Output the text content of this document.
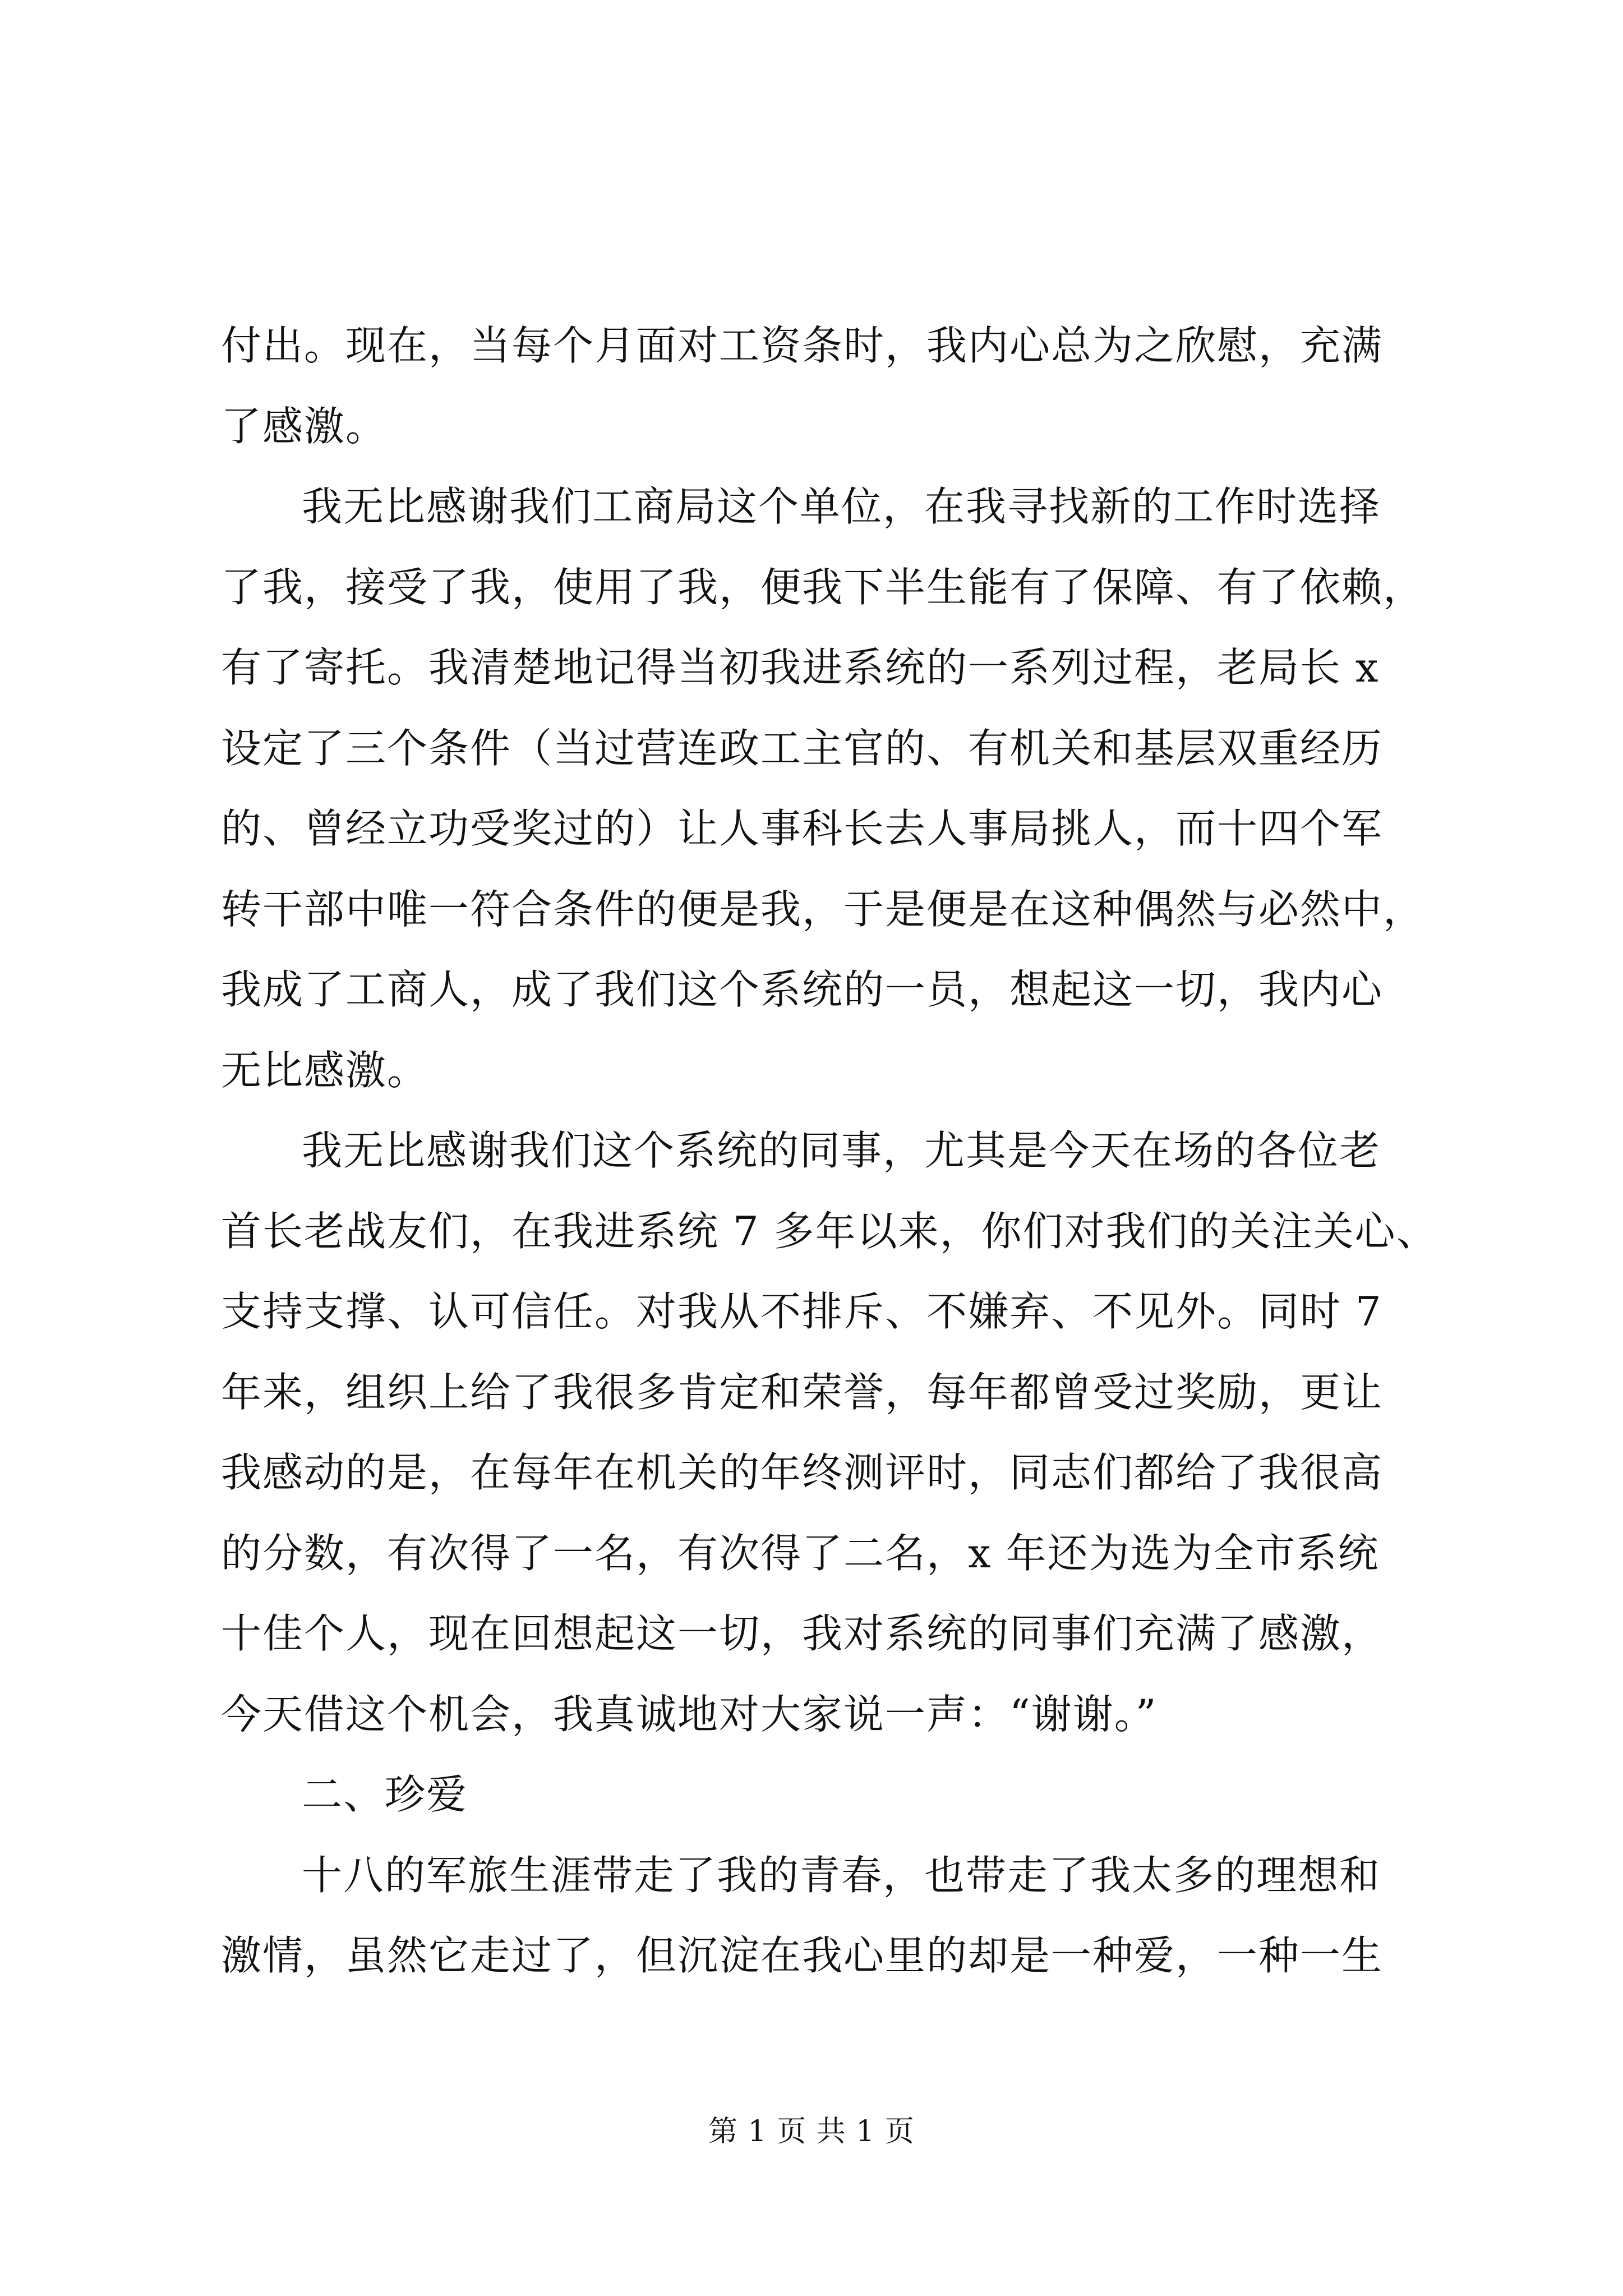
付出。现在，当每个月面对工资条时，我内心总为之欣慰，充满
了感激。
我无比感谢我们工商局这个单位，在我寻找新的工作时选择
了我，接受了我，使用了我，便我下半生能有了保障、有了依赖，
有了寄托。我清楚地记得当初我进系统的一系列过程，老局长 x
设定了三个条件（当过营连政工主官的、有机关和基层双重经历
的、曾经立功受奖过的）让人事科长去人事局挑人，而十四个军
转干部中唯一符合条件的便是我，于是便是在这种偶然与必然中，
我成了工商人，成了我们这个系统的一员，想起这一切，我内心
无比感激。
我无比感谢我们这个系统的同事，尤其是今天在场的各位老
首长老战友们，在我进系统 7 多年以来，你们对我们的关注关心、
支持支撑、认可信任。对我从不排斥、不嫌弃、不见外。同时 7
年来，组织上给了我很多肯定和荣誉，每年都曾受过奖励，更让
我感动的是，在每年在机关的年终测评时，同志们都给了我很高
的分数，有次得了一名，有次得了二名，x 年还为选为全市系统
十佳个人，现在回想起这一切，我对系统的同事们充满了感激，
今天借这个机会，我真诚地对大家说一声：“谢谢。”
二、珍爱
十八的军旅生涯带走了我的青春，也带走了我太多的理想和
激情，虽然它走过了，但沉淀在我心里的却是一种爱，一种一生
第 1 页 共 1 页
